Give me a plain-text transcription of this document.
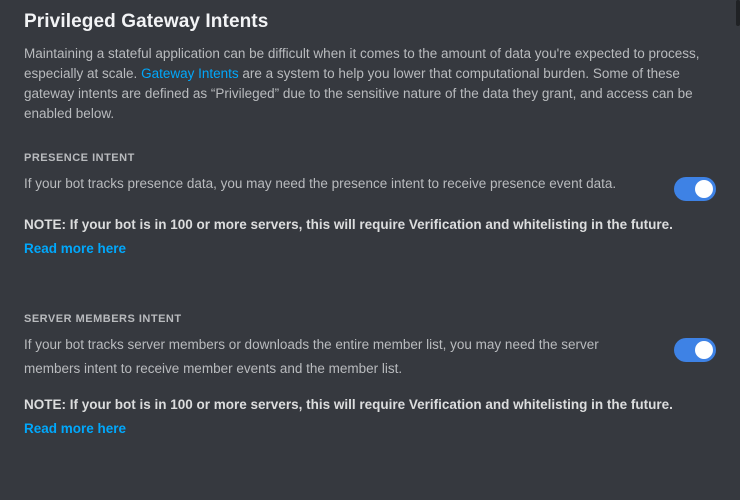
Privileged Gateway Intents

Maintaining a stateful application can be difficult when it comes to the amount of data you're expected to process, especially at scale. Gateway Intents are a system to help you lower that computational burden. Some of these gateway intents are defined as “Privileged” due to the sensitive nature of the data they grant, and access can be enabled below.

PRESENCE INTENT
If your bot tracks presence data, you may need the presence intent to receive presence event data.
NOTE: If your bot is in 100 or more servers, this will require Verification and whitelisting in the future. Read more here
SERVER MEMBERS INTENT
If your bot tracks server members or downloads the entire member list, you may need the server members intent to receive member events and the member list.
NOTE: If your bot is in 100 or more servers, this will require Verification and whitelisting in the future. Read more here
